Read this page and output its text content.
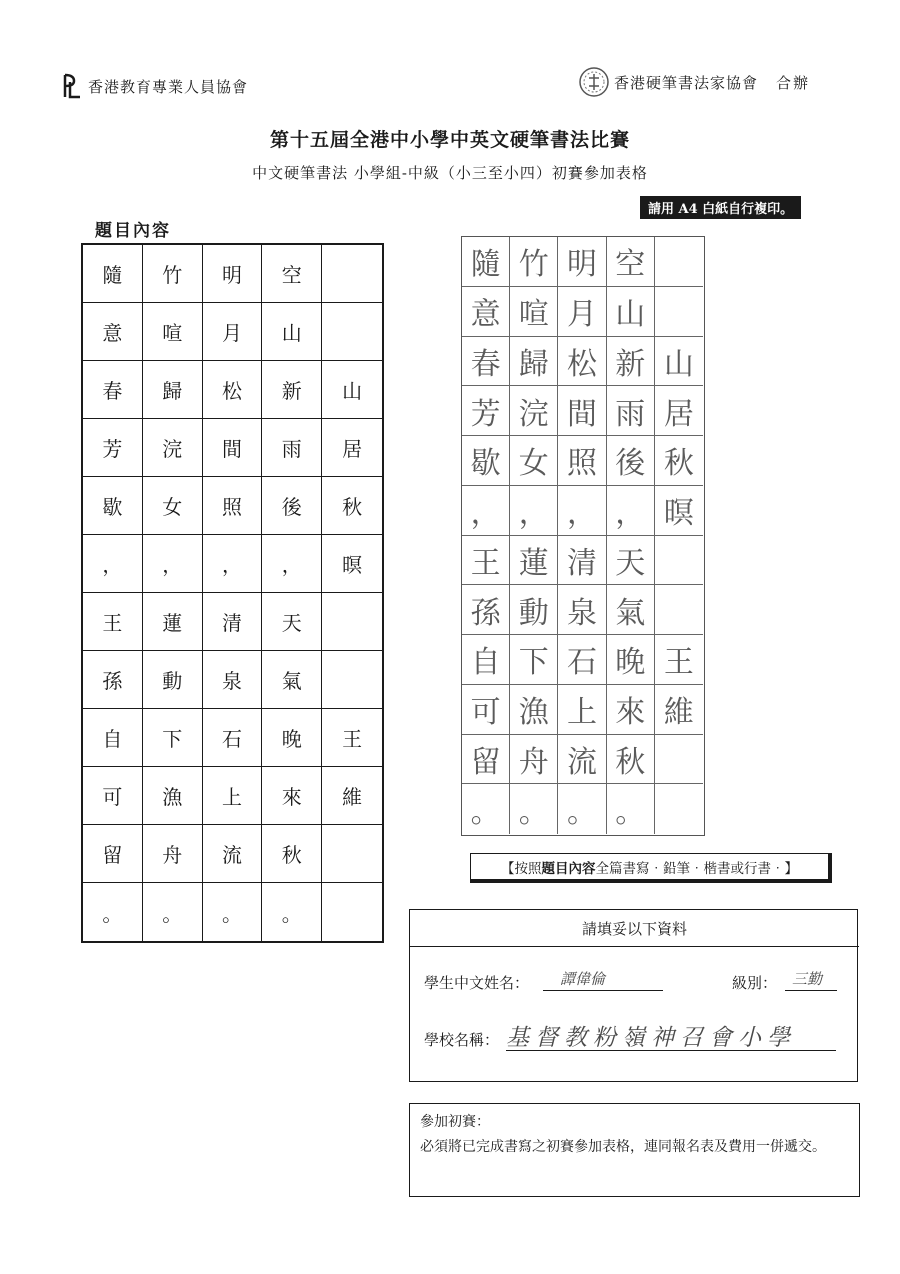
香港教育專業人員協會	香港硬筆書法家協會 合辦
第十五屆全港中小學中英文硬筆書法比賽
中文硬筆書法 小學組-中級（小三至小四）初賽參加表格
請用 A4 白紙自行複印。
題目內容
隨	竹	明	空
意	喧	月	山
春	歸	松	新	山
芳	浣	間	雨	居
歇	女	照	後	秋
，	，	，	，	暝
王	蓮	清	天
孫	動	泉	氣
自	下	石	晚	王
可	漁	上	來	維
留	舟	流	秋
。	。	。	。
隨 竹 明 空
意 喧 月 山
春 歸 松 新 山
芳 浣 間 雨 居
歇 女 照 後 秋
， ， ， ， 暝
王 蓮 清 天
孫 動 泉 氣
自 下 石 晚 王
可 漁 上 來 維
留 舟 流 秋
。 。 。 。
【按照 題目內容 全篇書寫‧鉛筆‧楷書或行書‧】
請填妥以下資料
學生中文姓名： 譚偉倫	級別： 三勤
學校名稱： 基督教粉嶺神召會小學
參加初賽：
必須將已完成書寫之初賽參加表格，連同報名表及費用一併遞交。
